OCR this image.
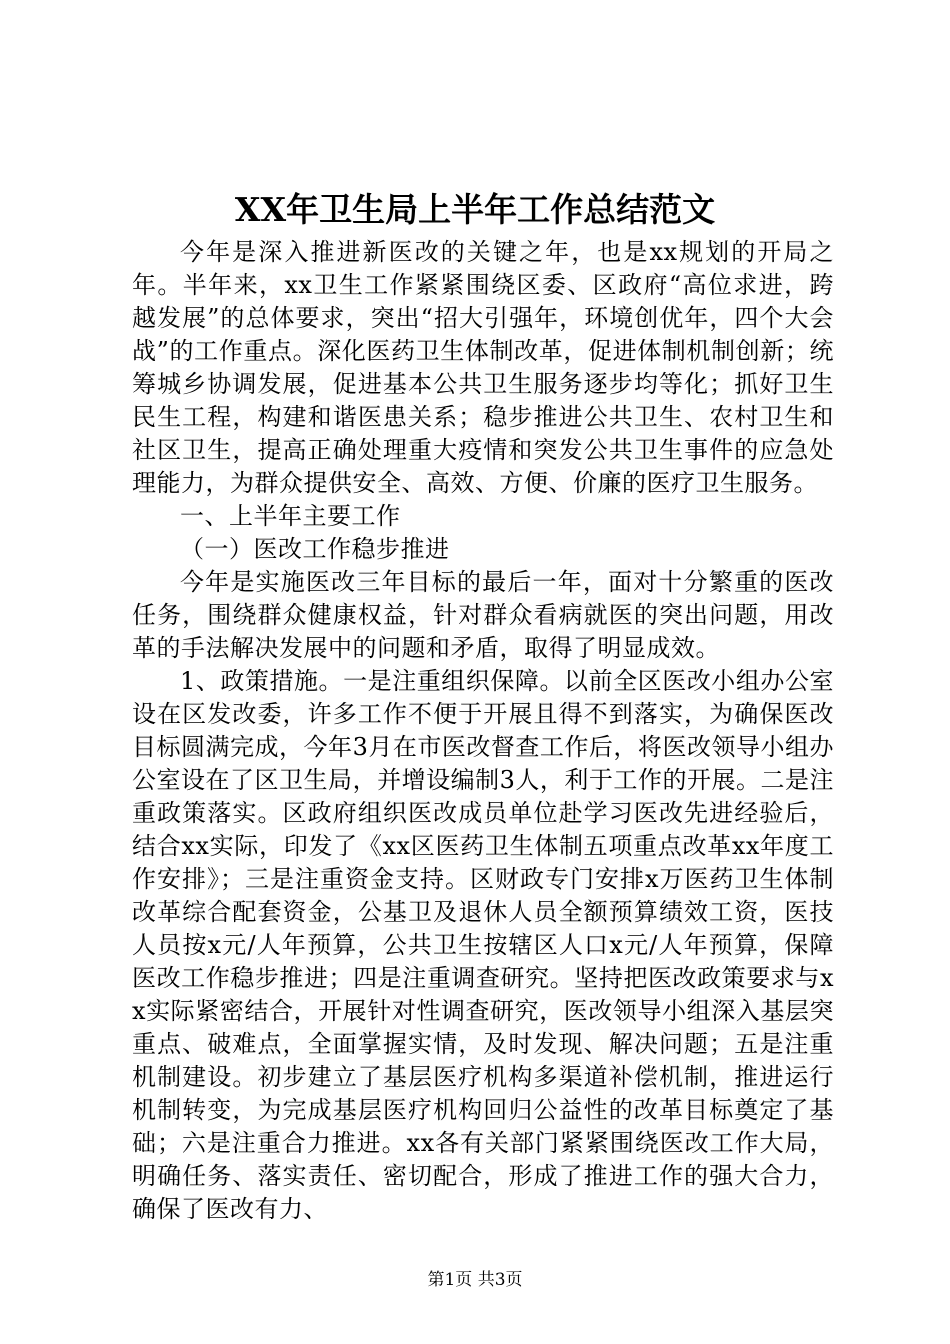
XX年卫生局上半年工作总结范文

今年是深入推进新医改的关键之年，也是xx规划的开局之年。半年来，xx卫生工作紧紧围绕区委、区政府“高位求进，跨越发展”的总体要求，突出“招大引强年，环境创优年，四个大会战”的工作重点。深化医药卫生体制改革，促进体制机制创新；统筹城乡协调发展，促进基本公共卫生服务逐步均等化；抓好卫生民生工程，构建和谐医患关系；稳步推进公共卫生、农村卫生和社区卫生，提高正确处理重大疫情和突发公共卫生事件的应急处理能力，为群众提供安全、高效、方便、价廉的医疗卫生服务。

一、上半年主要工作

（一）医改工作稳步推进

今年是实施医改三年目标的最后一年，面对十分繁重的医改任务，围绕群众健康权益，针对群众看病就医的突出问题，用改革的手法解决发展中的问题和矛盾，取得了明显成效。

1、政策措施。一是注重组织保障。以前全区医改小组办公室设在区发改委，许多工作不便于开展且得不到落实，为确保医改目标圆满完成，今年3月在市医改督查工作后，将医改领导小组办公室设在了区卫生局，并增设编制3人，利于工作的开展。二是注重政策落实。区政府组织医改成员单位赴学习医改先进经验后，结合xx实际，印发了《xx区医药卫生体制五项重点改革xx年度工作安排》；三是注重资金支持。区财政专门安排x万医药卫生体制改革综合配套资金，公基卫及退休人员全额预算绩效工资，医技人员按x元/人年预算，公共卫生按辖区人口x元/人年预算，保障医改工作稳步推进；四是注重调查研究。坚持把医改政策要求与xx实际紧密结合，开展针对性调查研究，医改领导小组深入基层突重点、破难点，全面掌握实情，及时发现、解决问题；五是注重机制建设。初步建立了基层医疗机构多渠道补偿机制，推进运行机制转变，为完成基层医疗机构回归公益性的改革目标奠定了基础；六是注重合力推进。xx各有关部门紧紧围绕医改工作大局，明确任务、落实责任、密切配合，形成了推进工作的强大合力，确保了医改有力、

第1页 共3页
